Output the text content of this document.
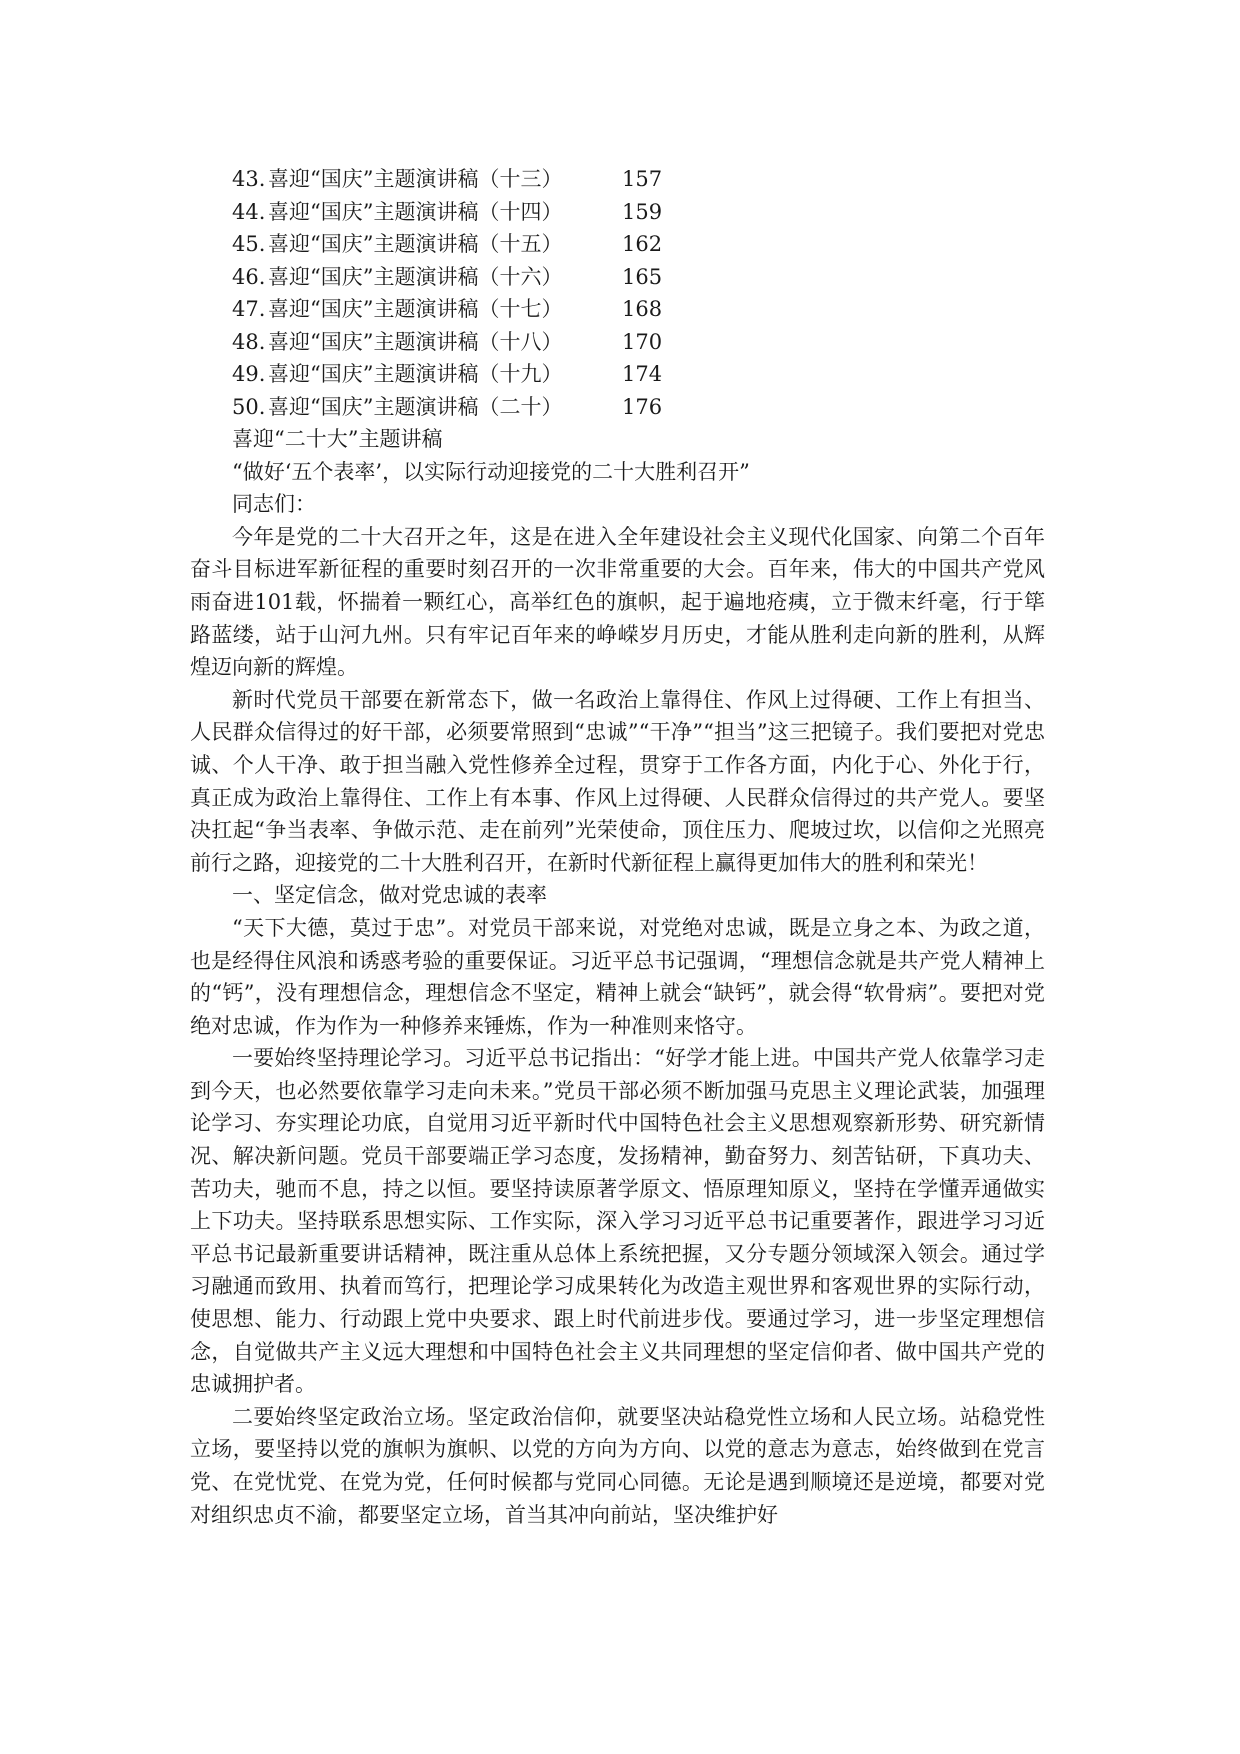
43. 喜迎“国庆”主题演讲稿（十三）	157
44. 喜迎“国庆”主题演讲稿（十四）	159
45. 喜迎“国庆”主题演讲稿（十五）	162
46. 喜迎“国庆”主题演讲稿（十六）	165
47. 喜迎“国庆”主题演讲稿（十七）	168
48. 喜迎“国庆”主题演讲稿（十八）	170
49. 喜迎“国庆”主题演讲稿（十九）	174
50. 喜迎“国庆”主题演讲稿（二十）	176

喜迎“二十大”主题讲稿

“做好‘五个表率’，以实际行动迎接党的二十大胜利召开”

同志们：

今年是党的二十大召开之年，这是在进入全年建设社会主义现代化国家、向第二个百年奋斗目标进军新征程的重要时刻召开的一次非常重要的大会。百年来，伟大的中国共产党风雨奋进101载，怀揣着一颗红心，高举红色的旗帜，起于遍地疮痍，立于微末纤毫，行于筚路蓝缕，站于山河九州。只有牢记百年来的峥嵘岁月历史，才能从胜利走向新的胜利，从辉煌迈向新的辉煌。

新时代党员干部要在新常态下，做一名政治上靠得住、作风上过得硬、工作上有担当、人民群众信得过的好干部，必须要常照到“忠诚”“干净”“担当”这三把镜子。我们要把对党忠诚、个人干净、敢于担当融入党性修养全过程，贯穿于工作各方面，内化于心、外化于行，真正成为政治上靠得住、工作上有本事、作风上过得硬、人民群众信得过的共产党人。要坚决扛起“争当表率、争做示范、走在前列”光荣使命，顶住压力、爬坡过坎，以信仰之光照亮前行之路，迎接党的二十大胜利召开，在新时代新征程上赢得更加伟大的胜利和荣光！

一、坚定信念，做对党忠诚的表率

“天下大德，莫过于忠”。对党员干部来说，对党绝对忠诚，既是立身之本、为政之道，也是经得住风浪和诱惑考验的重要保证。习近平总书记强调，“理想信念就是共产党人精神上的“钙”，没有理想信念，理想信念不坚定，精神上就会“缺钙”，就会得“软骨病”。要把对党绝对忠诚，作为作为一种修养来锤炼，作为一种准则来恪守。

一要始终坚持理论学习。习近平总书记指出：“好学才能上进。中国共产党人依靠学习走到今天，也必然要依靠学习走向未来。”党员干部必须不断加强马克思主义理论武装，加强理论学习、夯实理论功底，自觉用习近平新时代中国特色社会主义思想观察新形势、研究新情况、解决新问题。党员干部要端正学习态度，发扬精神，勤奋努力、刻苦钻研，下真功夫、苦功夫，驰而不息，持之以恒。要坚持读原著学原文、悟原理知原义，坚持在学懂弄通做实上下功夫。坚持联系思想实际、工作实际，深入学习习近平总书记重要著作，跟进学习习近平总书记最新重要讲话精神，既注重从总体上系统把握，又分专题分领域深入领会。通过学习融通而致用、执着而笃行，把理论学习成果转化为改造主观世界和客观世界的实际行动，使思想、能力、行动跟上党中央要求、跟上时代前进步伐。要通过学习，进一步坚定理想信念，自觉做共产主义远大理想和中国特色社会主义共同理想的坚定信仰者、做中国共产党的忠诚拥护者。

二要始终坚定政治立场。坚定政治信仰，就要坚决站稳党性立场和人民立场。站稳党性立场，要坚持以党的旗帜为旗帜、以党的方向为方向、以党的意志为意志，始终做到在党言党、在党忧党、在党为党，任何时候都与党同心同德。无论是遇到顺境还是逆境，都要对党对组织忠贞不渝，都要坚定立场，首当其冲向前站，坚决维护好
